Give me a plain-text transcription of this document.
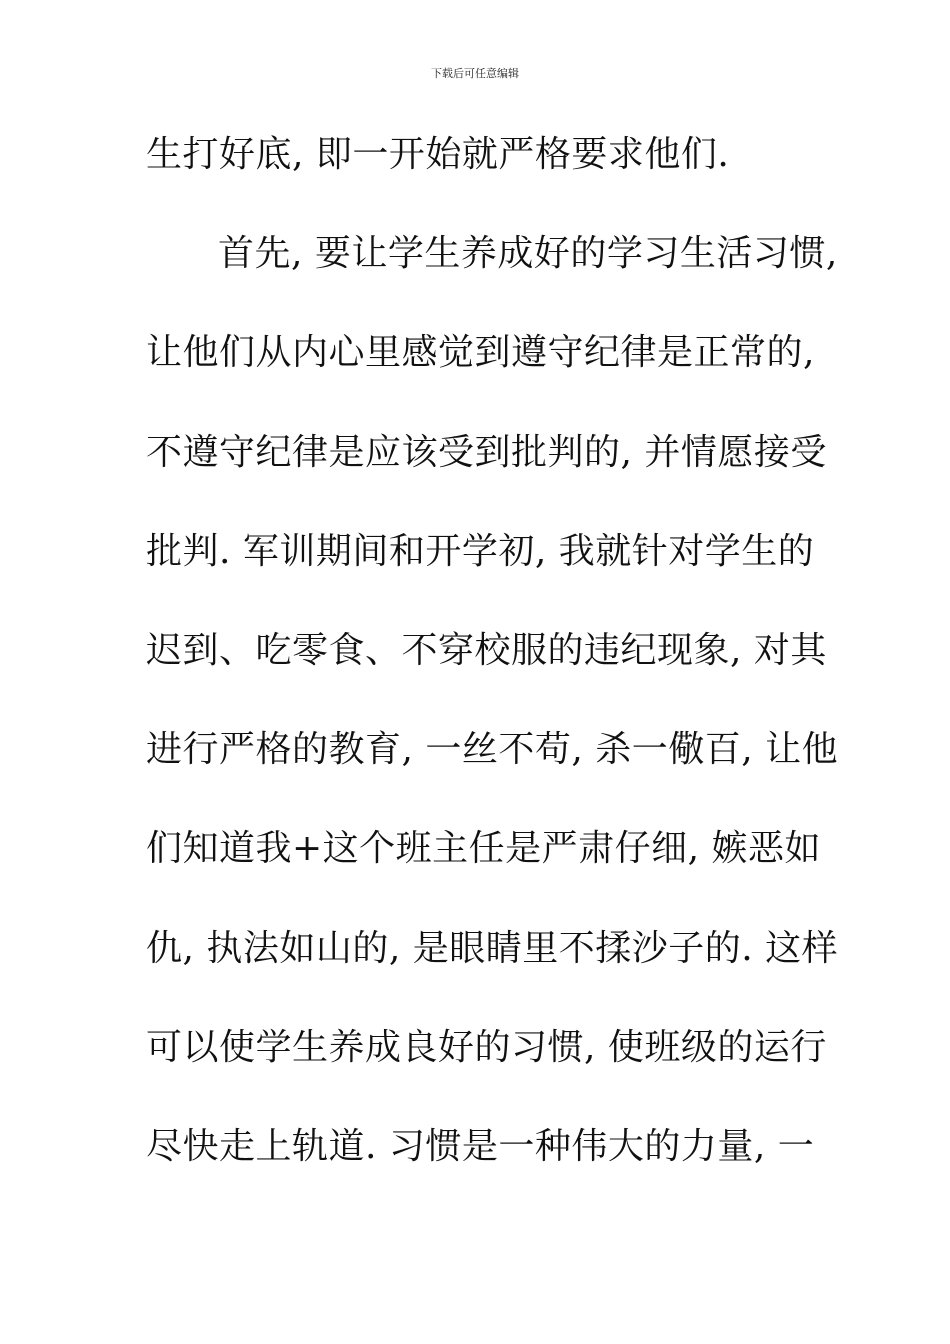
下载后可任意编辑
生打好底, 即一开始就严格要求他们.
首先, 要让学生养成好的学习生活习惯,
让他们从内心里感觉到遵守纪律是正常的,
不遵守纪律是应该受到批判的, 并情愿接受
批判. 军训期间和开学初, 我就针对学生的
迟到、吃零食、不穿校服的违纪现象, 对其
进行严格的教育, 一丝不苟, 杀一儆百, 让他
们知道我+这个班主任是严肃仔细, 嫉恶如
仇, 执法如山的, 是眼睛里不揉沙子的. 这样
可以使学生养成良好的习惯, 使班级的运行
尽快走上轨道. 习惯是一种伟大的力量, 一
